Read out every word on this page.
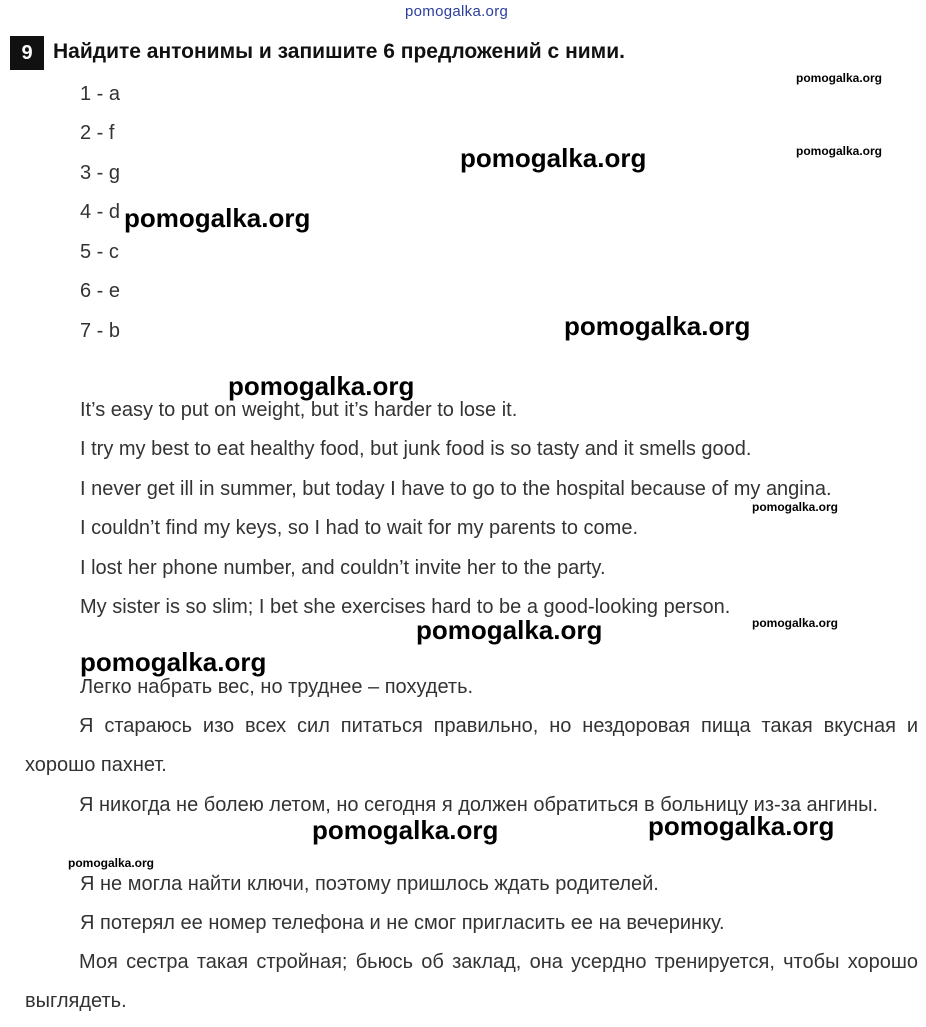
pomogalka.org
9 Найдите антонимы и запишите 6 предложений с ними.
1 - a
2 - f
3 - g
4 - d
5 - c
6 - e
7 - b
It’s easy to put on weight, but it’s harder to lose it.
I try my best to eat healthy food, but junk food is so tasty and it smells good.
I never get ill in summer, but today I have to go to the hospital because of my angina.
I couldn’t find my keys, so I had to wait for my parents to come.
I lost her phone number, and couldn’t invite her to the party.
My sister is so slim; I bet she exercises hard to be a good-looking person.
Легко набрать вес, но труднее – похудеть.
Я стараюсь изо всех сил питаться правильно, но нездоровая пища такая вкусная и хорошо пахнет.
Я никогда не болею летом, но сегодня я должен обратиться в больницу из-за ангины.
Я не могла найти ключи, поэтому пришлось ждать родителей.
Я потерял ее номер телефона и не смог пригласить ее на вечеринку.
Моя сестра такая стройная; бьюсь об заклад, она усердно тренируется, чтобы хорошо выглядеть.
pomogalka.org
pomogalka.org
pomogalka.org
pomogalka.org
pomogalka.org
pomogalka.org
pomogalka.org	pomogalka.org
pomogalka.org
pomogalka.org
pomogalka.org
pomogalka.org
pomogalka.org
